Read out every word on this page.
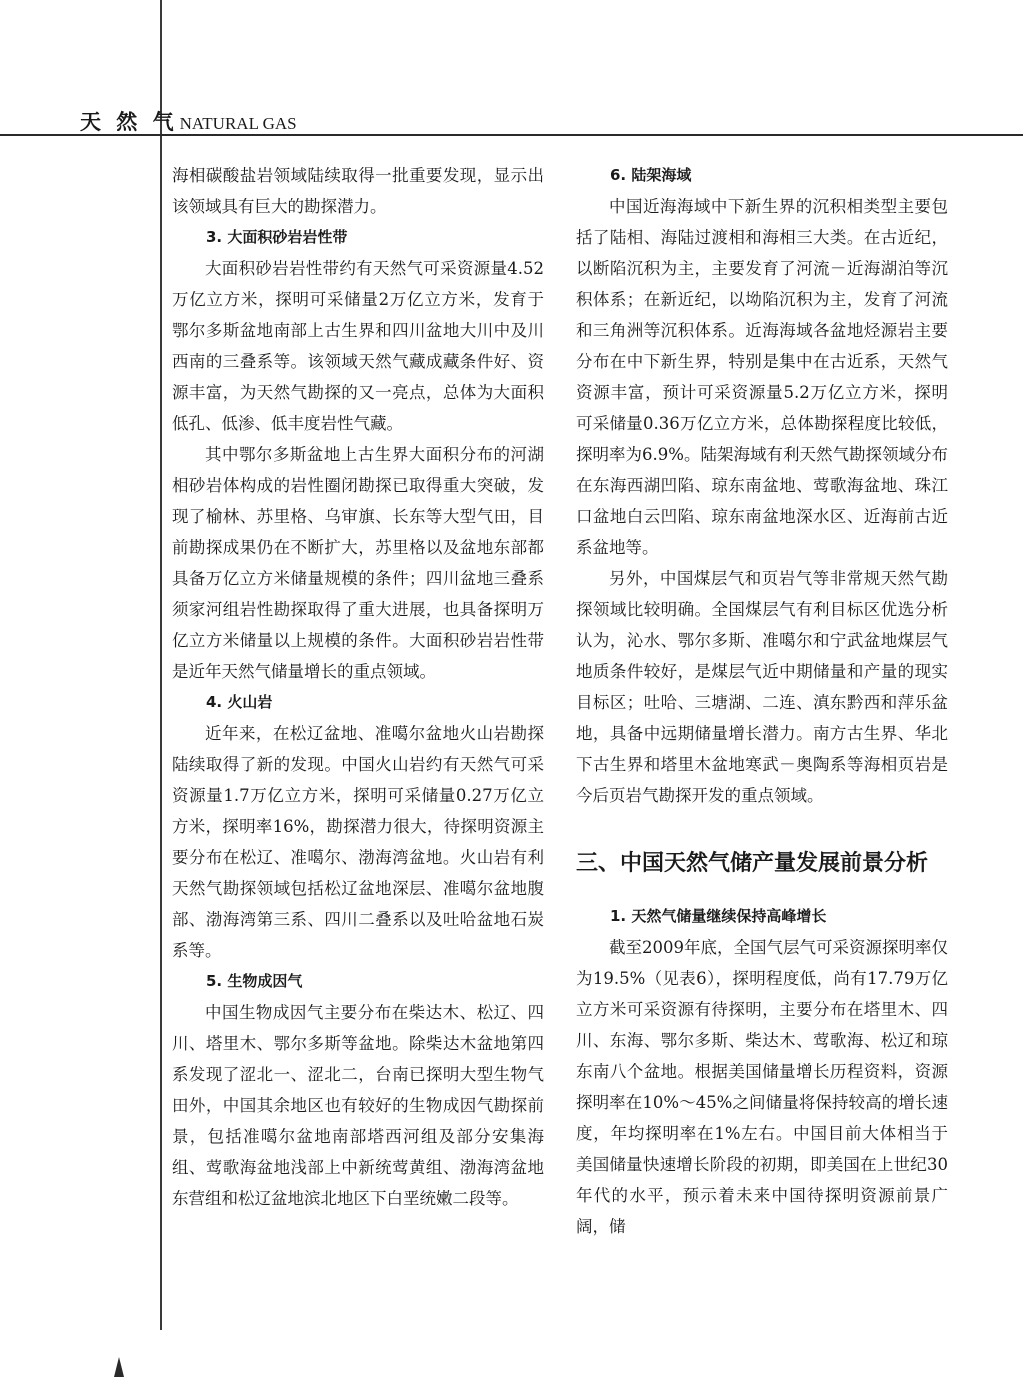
天 然 气 NATURAL GAS

海相碳酸盐岩领域陆续取得一批重要发现，显示出该领域具有巨大的勘探潜力。

3. 大面积砂岩岩性带

大面积砂岩岩性带约有天然气可采资源量4.52万亿立方米，探明可采储量2万亿立方米，发育于鄂尔多斯盆地南部上古生界和四川盆地大川中及川西南的三叠系等。该领域天然气藏成藏条件好、资源丰富，为天然气勘探的又一亮点，总体为大面积低孔、低渗、低丰度岩性气藏。

其中鄂尔多斯盆地上古生界大面积分布的河湖相砂岩体构成的岩性圈闭勘探已取得重大突破，发现了榆林、苏里格、乌审旗、长东等大型气田，目前勘探成果仍在不断扩大，苏里格以及盆地东部都具备万亿立方米储量规模的条件；四川盆地三叠系须家河组岩性勘探取得了重大进展，也具备探明万亿立方米储量以上规模的条件。大面积砂岩岩性带是近年天然气储量增长的重点领域。

4. 火山岩

近年来，在松辽盆地、准噶尔盆地火山岩勘探陆续取得了新的发现。中国火山岩约有天然气可采资源量1.7万亿立方米，探明可采储量0.27万亿立方米，探明率16%，勘探潜力很大，待探明资源主要分布在松辽、准噶尔、渤海湾盆地。火山岩有利天然气勘探领域包括松辽盆地深层、准噶尔盆地腹部、渤海湾第三系、四川二叠系以及吐哈盆地石炭系等。

5. 生物成因气

中国生物成因气主要分布在柴达木、松辽、四川、塔里木、鄂尔多斯等盆地。除柴达木盆地第四系发现了涩北一、涩北二，台南已探明大型生物气田外，中国其余地区也有较好的生物成因气勘探前景，包括准噶尔盆地南部塔西河组及部分安集海组、莺歌海盆地浅部上中新统莺黄组、渤海湾盆地东营组和松辽盆地滨北地区下白垩统嫩二段等。

6. 陆架海域

中国近海海域中下新生界的沉积相类型主要包括了陆相、海陆过渡相和海相三大类。在古近纪，以断陷沉积为主，主要发育了河流－近海湖泊等沉积体系；在新近纪，以坳陷沉积为主，发育了河流和三角洲等沉积体系。近海海域各盆地烃源岩主要分布在中下新生界，特别是集中在古近系，天然气资源丰富，预计可采资源量5.2万亿立方米，探明可采储量0.36万亿立方米，总体勘探程度比较低，探明率为6.9%。陆架海域有利天然气勘探领域分布在东海西湖凹陷、琼东南盆地、莺歌海盆地、珠江口盆地白云凹陷、琼东南盆地深水区、近海前古近系盆地等。

另外，中国煤层气和页岩气等非常规天然气勘探领域比较明确。全国煤层气有利目标区优选分析认为，沁水、鄂尔多斯、准噶尔和宁武盆地煤层气地质条件较好，是煤层气近中期储量和产量的现实目标区；吐哈、三塘湖、二连、滇东黔西和萍乐盆地，具备中远期储量增长潜力。南方古生界、华北下古生界和塔里木盆地寒武－奥陶系等海相页岩是今后页岩气勘探开发的重点领域。

三、中国天然气储产量发展前景分析
1. 天然气储量继续保持高峰增长

截至2009年底，全国气层气可采资源探明率仅为19.5%（见表6），探明程度低，尚有17.79万亿立方米可采资源有待探明，主要分布在塔里木、四川、东海、鄂尔多斯、柴达木、莺歌海、松辽和琼东南八个盆地。根据美国储量增长历程资料，资源探明率在10%～45%之间储量将保持较高的增长速度，年均探明率在1%左右。中国目前大体相当于美国储量快速增长阶段的初期，即美国在上世纪30年代的水平，预示着未来中国待探明资源前景广阔，储
